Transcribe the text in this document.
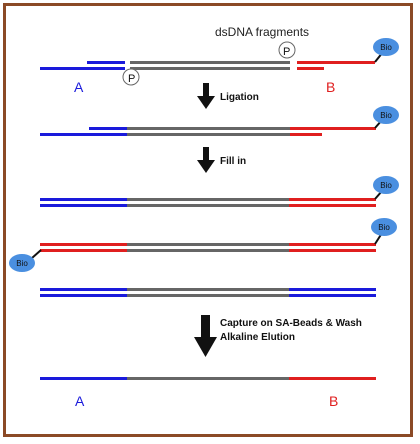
dsDNA fragments
Bio
P
P
A	B
Ligation
Bio
Fill in
Bio
Bio
Bio
Capture on SA-Beads & Wash
Alkaline Elution
A	B
